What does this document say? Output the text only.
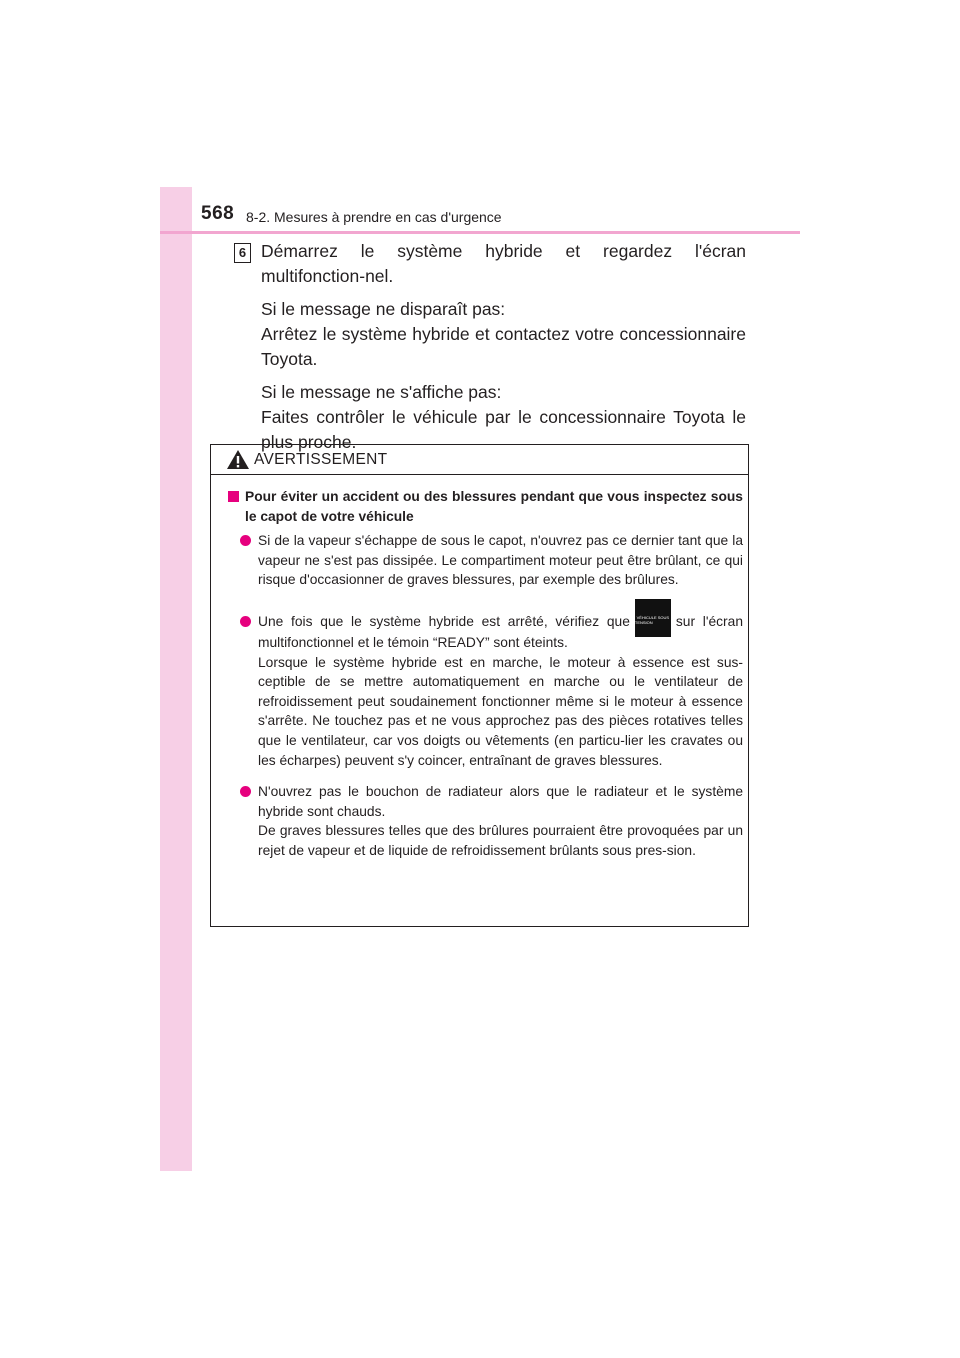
568 8-2. Mesures à prendre en cas d'urgence
6 Démarrez le système hybride et regardez l'écran multifonction-nel.

Si le message ne disparaît pas:

Arrêtez le système hybride et contactez votre concessionnaire Toyota.

Si le message ne s'affiche pas:

Faites contrôler le véhicule par le concessionnaire Toyota le plus proche.

AVERTISSEMENT

Pour éviter un accident ou des blessures pendant que vous inspectez sous le capot de votre véhicule

Si de la vapeur s'échappe de sous le capot, n'ouvrez pas ce dernier tant que la vapeur ne s'est pas dissipée. Le compartiment moteur peut être brûlant, ce qui risque d'occasionner de graves blessures, par exemple des brûlures.

Une fois que le système hybride est arrêté, vérifiez que	VÉHICULE SOUS TENSION	sur l'écran

multifonctionnel et le témoin “READY” sont éteints.

Lorsque le système hybride est en marche, le moteur à essence est sus-ceptible de se mettre automatiquement en marche ou le ventilateur de refroidissement peut soudainement fonctionner même si le moteur à essence s'arrête. Ne touchez pas et ne vous approchez pas des pièces rotatives telles que le ventilateur, car vos doigts ou vêtements (en particu-lier les cravates ou les écharpes) peuvent s'y coincer, entraînant de graves blessures.

N'ouvrez pas le bouchon de radiateur alors que le radiateur et le système hybride sont chauds.

De graves blessures telles que des brûlures pourraient être provoquées par un rejet de vapeur et de liquide de refroidissement brûlants sous pres-sion.
